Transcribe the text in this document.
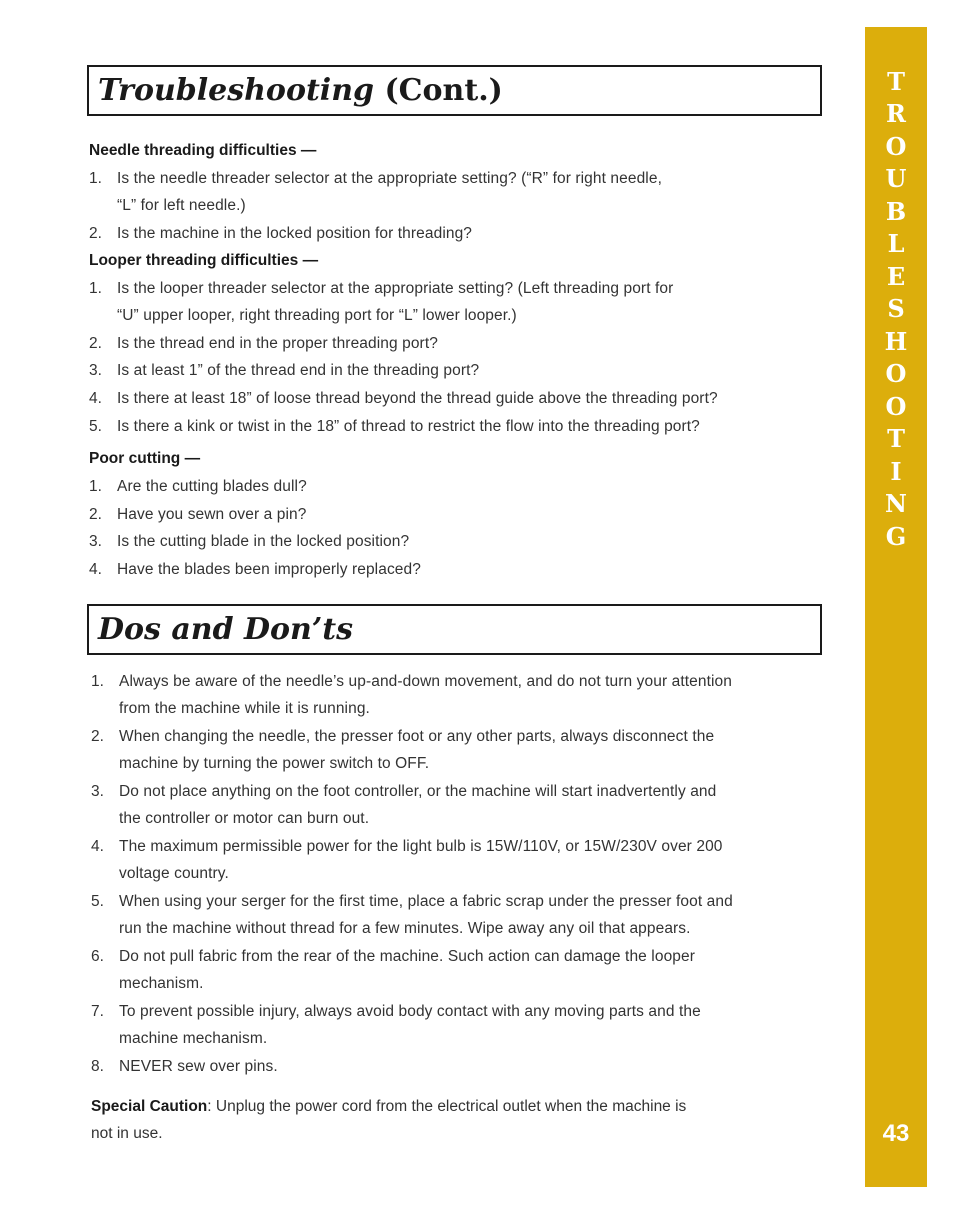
Troubleshooting (Cont.)
Needle threading difficulties —
1. Is the needle threader selector at the appropriate setting? (“R” for right needle,
“L” for left needle.)
2. Is the machine in the locked position for threading?
Looper threading difficulties —
1. Is the looper threader selector at the appropriate setting? (Left threading port for
“U” upper looper, right threading port for “L” lower looper.)
2. Is the thread end in the proper threading port?
3. Is at least 1” of the thread end in the threading port?
4. Is there at least 18” of loose thread beyond the thread guide above the threading port?
5. Is there a kink or twist in the 18” of thread to restrict the flow into the threading port?
Poor cutting —
1. Are the cutting blades dull?
2. Have you sewn over a pin?
3. Is the cutting blade in the locked position?
4. Have the blades been improperly replaced?
Dos and Don’ts
1. Always be aware of the needle’s up-and-down movement, and do not turn your attention
from the machine while it is running.
2. When changing the needle, the presser foot or any other parts, always disconnect the
machine by turning the power switch to OFF.
3. Do not place anything on the foot controller, or the machine will start inadvertently and
the controller or motor can burn out.
4. The maximum permissible power for the light bulb is 15W/110V, or 15W/230V over 200
voltage country.
5. When using your serger for the first time, place a fabric scrap under the presser foot and
run the machine without thread for a few minutes. Wipe away any oil that appears.
6. Do not pull fabric from the rear of the machine. Such action can damage the looper
mechanism.
7. To prevent possible injury, always avoid body contact with any moving parts and the
machine mechanism.
8. NEVER sew over pins.
Special Caution: Unplug the power cord from the electrical outlet when the machine is
not in use.
T
R
O
U
B
L
E
S
H
O
O
T
I
N
G
43
